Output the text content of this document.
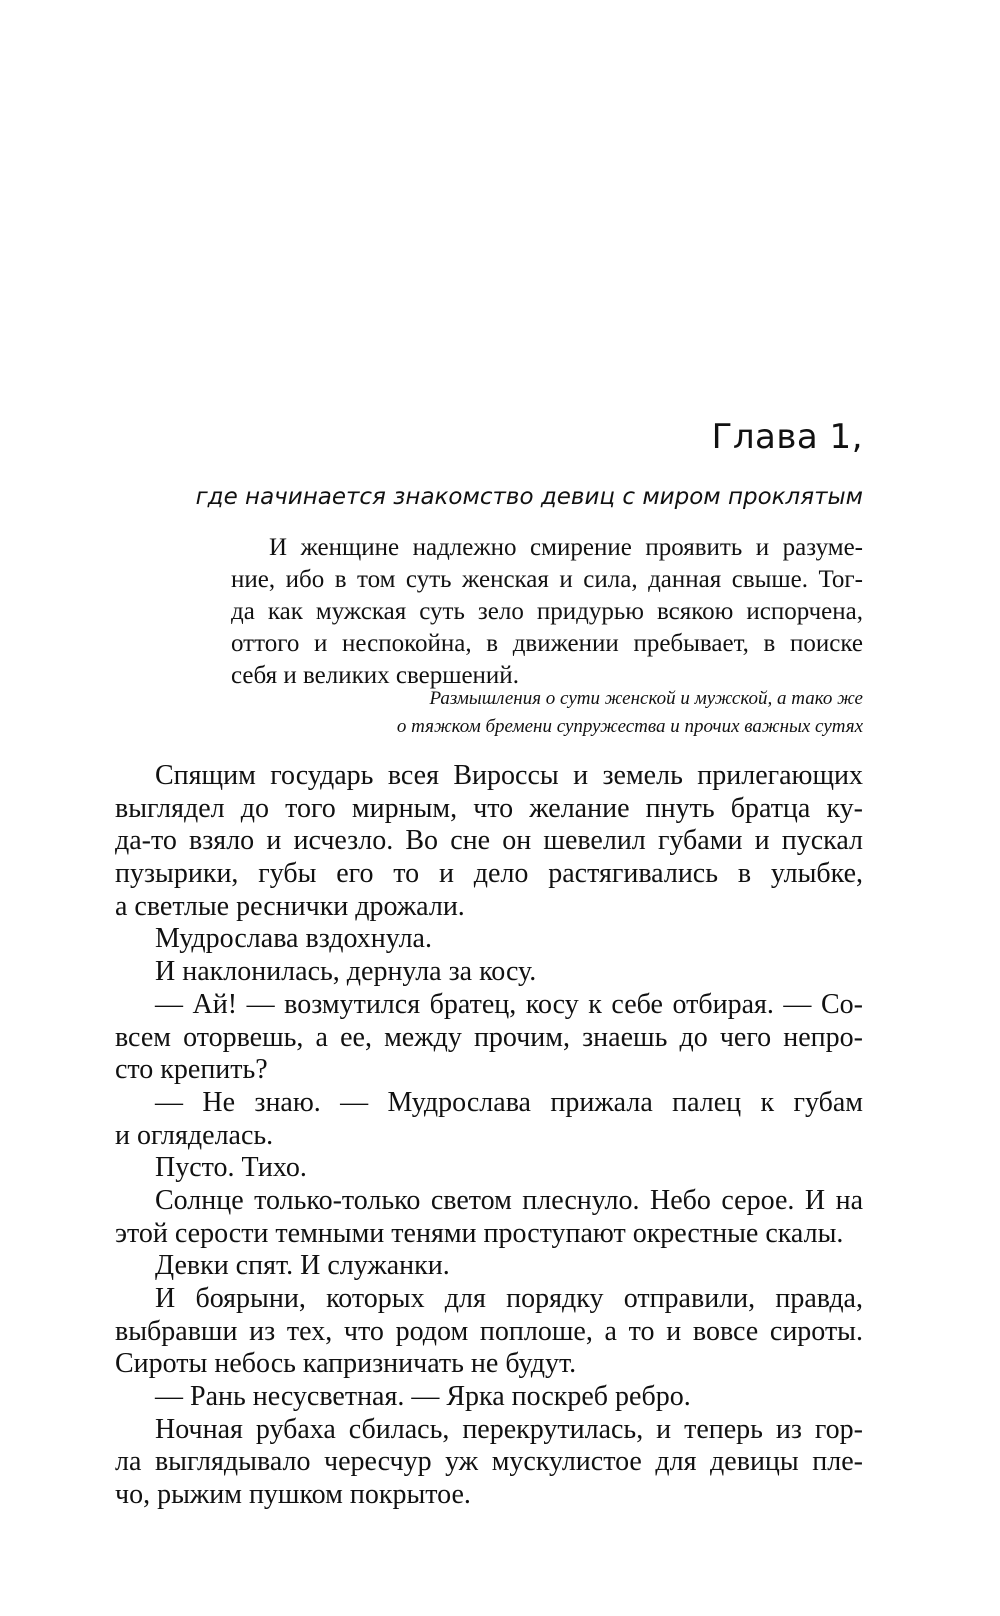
Глава 1,

где начинается знакомство девиц с миром проклятым

И женщине надлежно смирение проявить и разуме-
ние, ибо в том суть женская и сила, данная свыше. Тог-
да как мужская суть зело придурью всякою испорчена,
оттого и неспокойна, в движении пребывает, в поиске
себя и великих свершений.
Размышления о сути женской и мужской, а тако же
о тяжком бремени супружества и прочих важных сутях
Спящим государь всея Виpoссы и земель прилегающих
выглядел до того мирным, что желание пнуть братца ку-
да-то взяло и исчезло. Во сне он шевелил губами и пускал
пузырики, губы его то и дело растягивались в улыбке,
а светлые реснички дрожали.
Мудрослава вздохнула.
И наклонилась, дернула за косу.
— Ай! — возмутился братец, косу к себе отбирая. — Со-
всем оторвешь, а ее, между прочим, знаешь до чего непро-
сто крепить?
— Не знаю. — Мудрослава прижала палец к губам
и огляделась.
Пусто. Тихо.
Солнце только-только светом плеснуло. Небо серое. И на
этой серости темными тенями проступают окрестные скалы.
Девки спят. И служанки.
И боярыни, которых для порядку отправили, правда,
выбравши из тех, что родом поплоше, а то и вовсе сироты.
Сироты небось капризничать не будут.
— Рань несусветная. — Ярка поскреб ребро.
Ночная рубаха сбилась, перекрутилась, и теперь из гор-
ла выглядывало чересчур уж мускулистое для девицы пле-
чо, рыжим пушком покрытое.
